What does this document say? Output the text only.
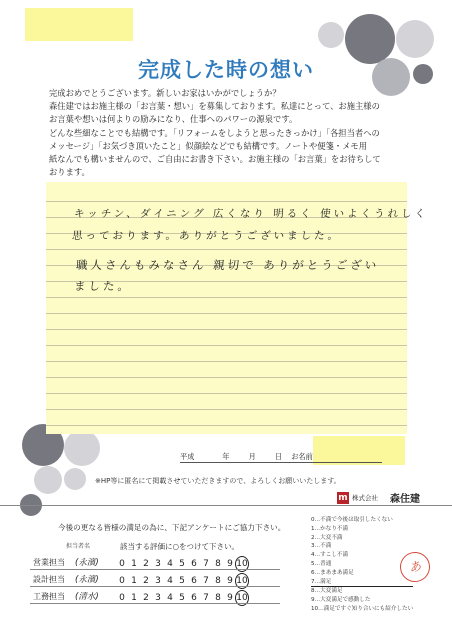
完成した時の想い
完成おめでとうございます。新しいお家はいかがでしょうか？
森住建ではお施主様の「お言葉・想い」を募集しております。私達にとって、お施主様の
お言葉や想いは何よりの励みになり、仕事へのパワーの源泉です。
どんな些細なことでも結構です。「リフォームをしようと思ったきっかけ」「各担当者への
メッセージ」「お気づき頂いたこと」似顔絵などでも結構です。ノートや便箋・メモ用
紙なんでも構いませんので、ご自由にお書き下さい。お施主様の「お言葉」をお待ちして
おります。
キッチン、ダイニング 広くなり 明るく 使いよくうれしく
思っております。ありがとうございました。
職人さんもみなさん 親切で ありがとうござい
ました。
平成	年	月	日 お名前
※HP等に匿名にて掲載させていただきますので、よろしくお願いいたします。
m 株式会社 森住建
今後の更なる皆様の満足の為に、下記アンケートにご協力下さい。
担当者名	該当する評価に○をつけて下さい。
営業担当 (永濱)	0 1 2 3 4 5 6 7 8 9 10
設計担当 (永濱)	0 1 2 3 4 5 6 7 8 9 10
工務担当 (清水)	0 1 2 3 4 5 6 7 8 9 10
0…不満で今後は取引したくない
1…かなり不満
2…大変不満
3…不満
4…すこし不満
5…普通
6…まあまあ満足
7…満足
8…大変満足
9…大変満足で感動した
10…満足ですぐ知り合いにも紹介したい
あ
